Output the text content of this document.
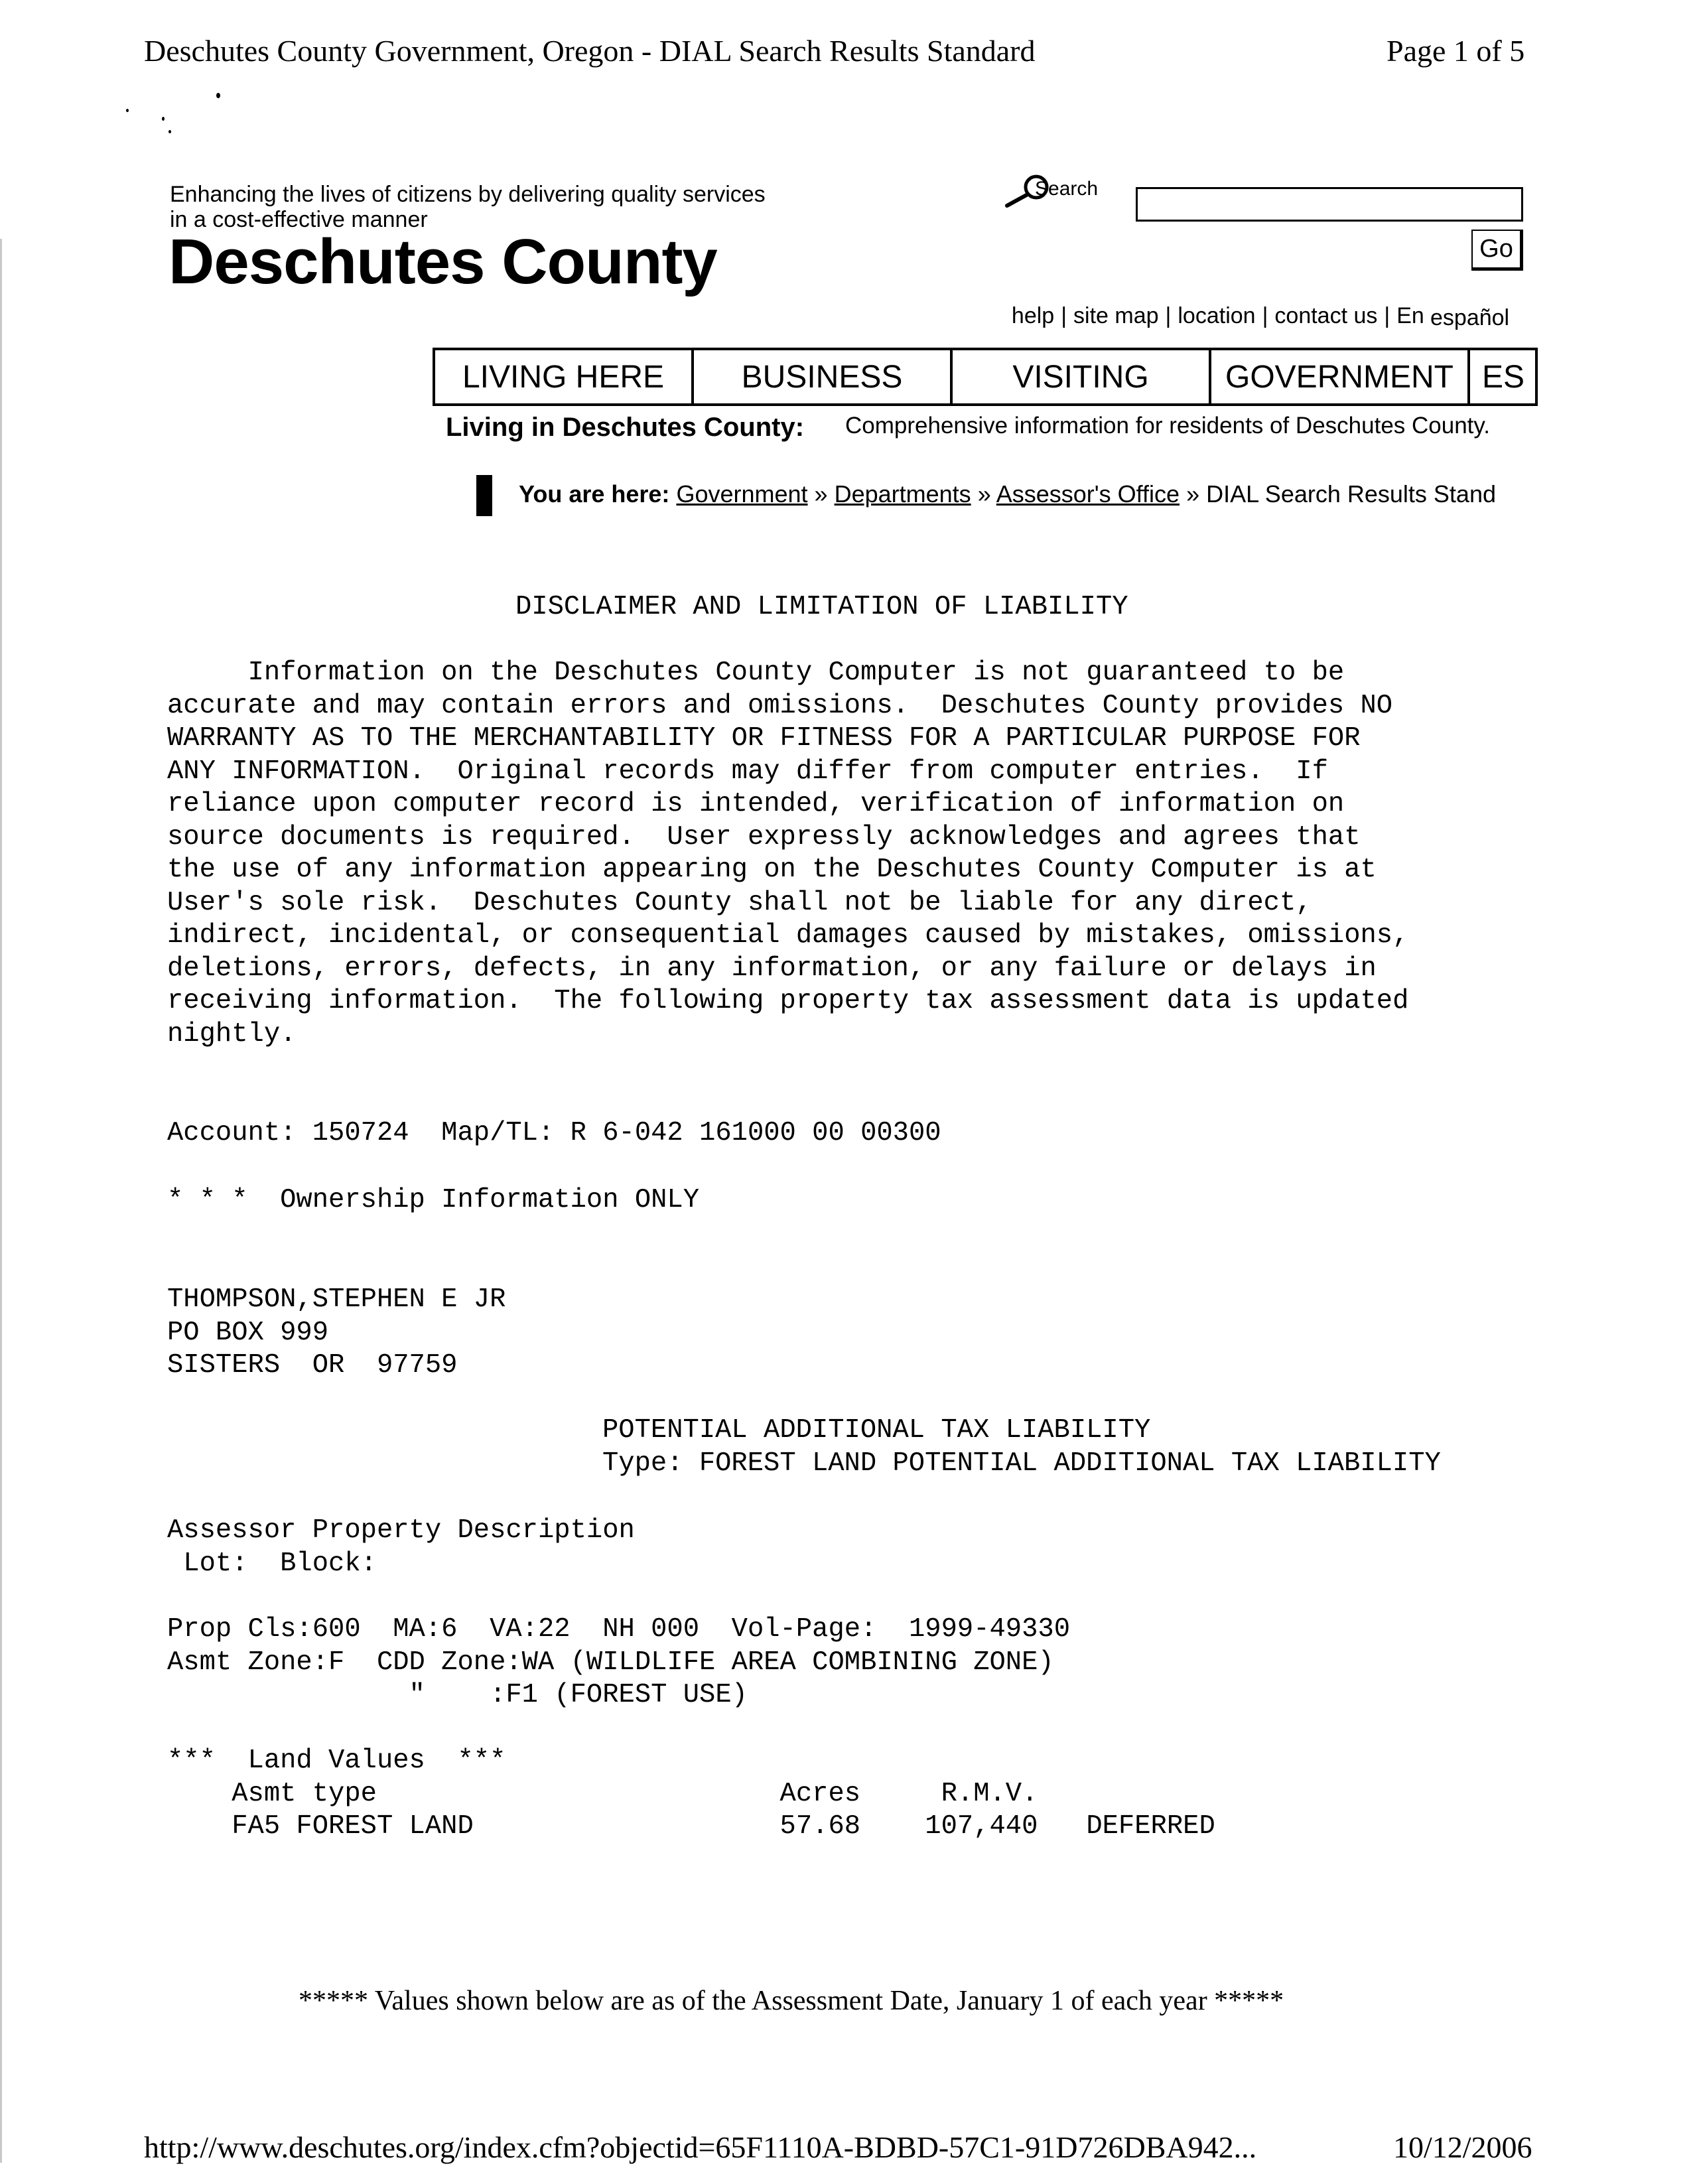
Deschutes County Government, Oregon - DIAL Search Results Standard	Page 1 of 5
Enhancing the lives of citizens by delivering quality services in a cost-effective manner
Deschutes County
Search
Go

help | site map | location | contact us | En español
LIVING HERE	BUSINESS	VISITING	GOVERNMENT ES
Living in Deschutes County: Comprehensive information for residents of Deschutes County.
You are here: Government » Departments » Assessor's Office » DIAL Search Results Stand
DISCLAIMER AND LIMITATION OF LIABILITY
Information on the Deschutes County Computer is not guaranteed to be
accurate and may contain errors and omissions.  Deschutes County provides NO
WARRANTY AS TO THE MERCHANTABILITY OR FITNESS FOR A PARTICULAR PURPOSE FOR
ANY INFORMATION.  Original records may differ from computer entries.  If
reliance upon computer record is intended, verification of information on
source documents is required.  User expressly acknowledges and agrees that
the use of any information appearing on the Deschutes County Computer is at
User's sole risk.  Deschutes County shall not be liable for any direct,
indirect, incidental, or consequential damages caused by mistakes, omissions,
deletions, errors, defects, in any information, or any failure or delays in
receiving information.  The following property tax assessment data is updated
nightly.
Account: 150724  Map/TL: R 6-042 161000 00 00300
* * *  Ownership Information ONLY
THOMPSON,STEPHEN E JR
PO BOX 999
SISTERS  OR  97759
POTENTIAL ADDITIONAL TAX LIABILITY
Type: FOREST LAND POTENTIAL ADDITIONAL TAX LIABILITY
Assessor Property Description
Lot:  Block:
Prop Cls:600  MA:6  VA:22  NH 000  Vol-Page:  1999-49330
Asmt Zone:F  CDD Zone:WA (WILDLIFE AREA COMBINING ZONE)
"    :F1 (FOREST USE)
***  Land Values  ***
Asmt type                         Acres     R.M.V.
FA5 FOREST LAND                   57.68    107,440   DEFERRED
***** Values shown below are as of the Assessment Date, January 1 of each year *****
http://www.deschutes.org/index.cfm?objectid=65F1110A-BDBD-57C1-91D726DBA942...	10/12/2006
